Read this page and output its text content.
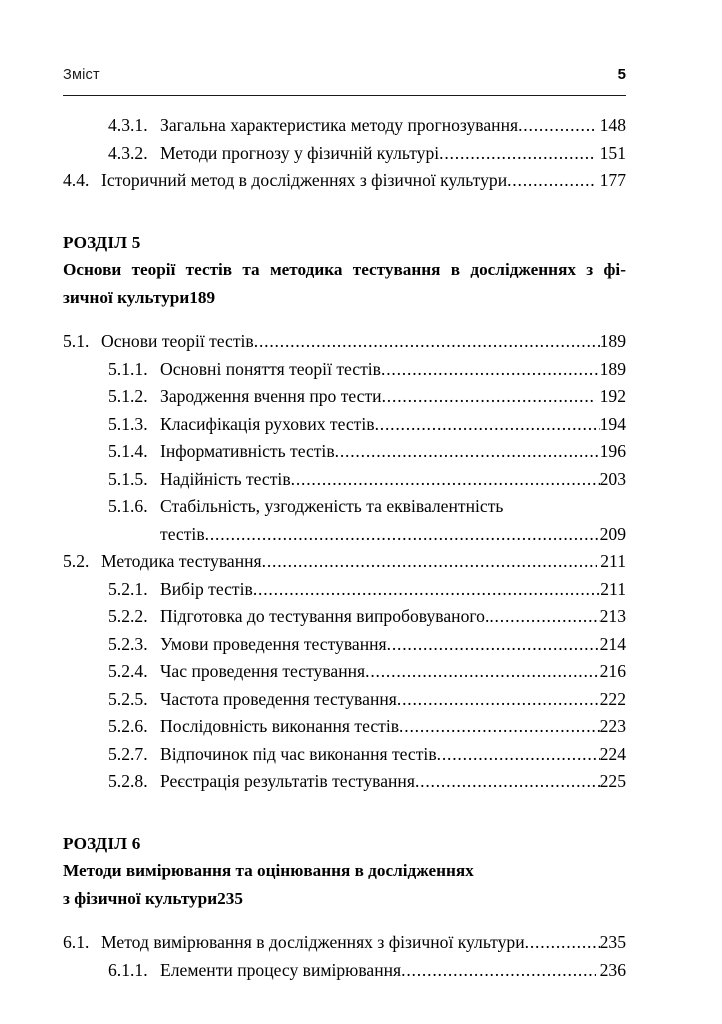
Зміст	5
4.3.1. Загальна характеристика методу прогнозування .....	 148
4.3.2. Методи прогнозу у фізичній культурі .....	 151
4.4. Історичний метод в дослідженнях з фізичної культури .....	 177
РОЗДІЛ 5
Основи теорії тестів та методика тестування в дослідженнях з фі-
зичної культури 189
5.1. Основи теорії тестів .....	189
5.1.1. Основні поняття теорії тестів .....	189
5.1.2. Зародження вчення про тести .....	 192
5.1.3. Класифікація рухових тестів .....	194
5.1.4. Інформативність тестів .....	196
5.1.5. Надійність тестів .....	203
5.1.6. Стабільність, узгодженість та еквівалентність
тестів .....	209
5.2. Методика тестування .....	 211
5.2.1. Вибір тестів .....	211
5.2.2. Підготовка до тестування випробовуваного. .....	213
5.2.3. Умови проведення тестування .....	214
5.2.4. Час проведення тестування .....	216
5.2.5. Частота проведення тестування .....	222
5.2.6. Послідовність виконання тестів .....	223
5.2.7. Відпочинок під час виконання тестів .....	224
5.2.8. Реєстрація результатів тестування .....	225
РОЗДІЛ 6
Методи вимірювання та оцінювання в дослідженнях
з фізичної культури 235
6.1. Метод вимірювання в дослідженнях з фізичної культури .....	235
6.1.1. Елементи процесу вимірювання .....	 236
